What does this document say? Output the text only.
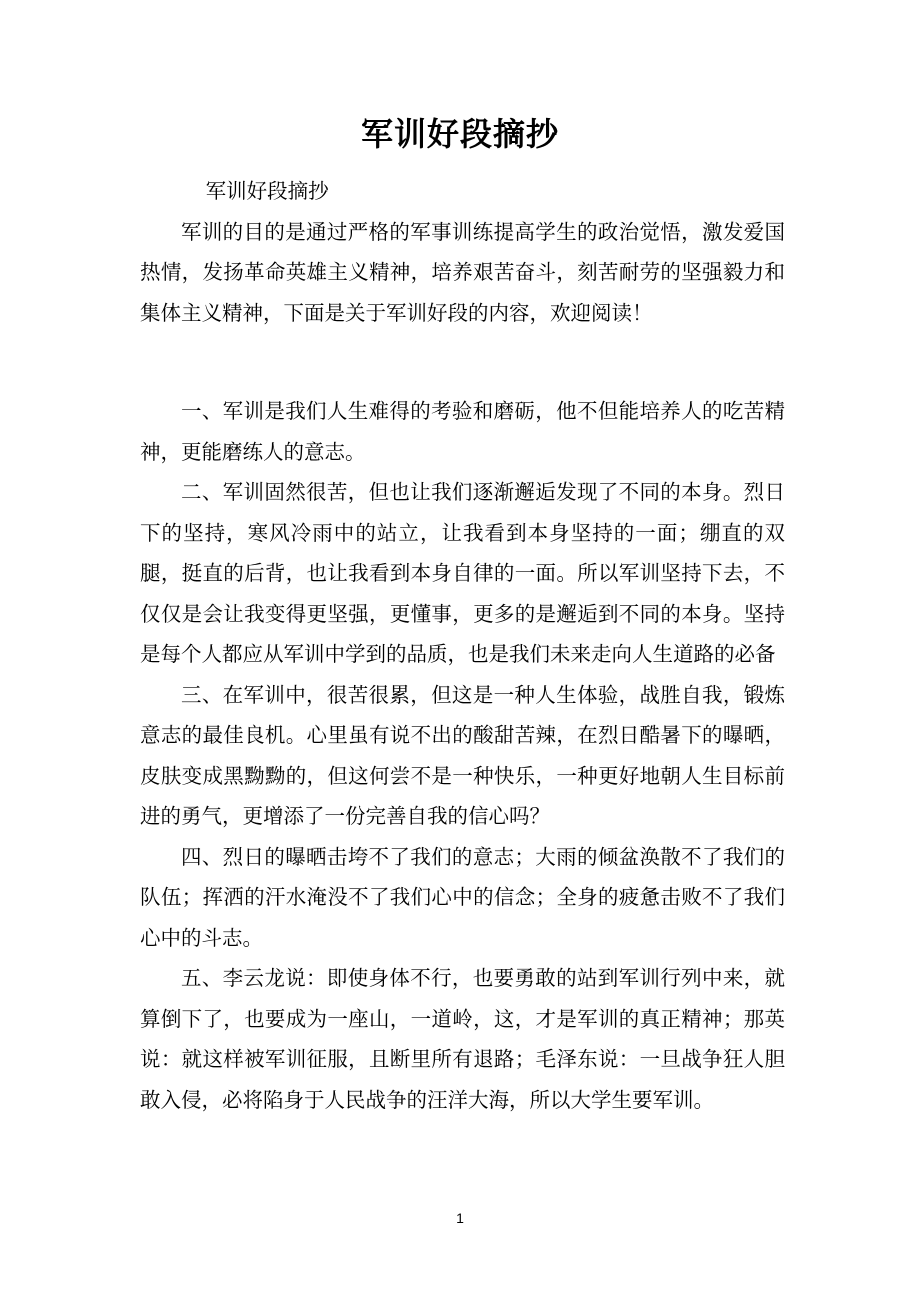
军训好段摘抄

军训好段摘抄

军训的目的是通过严格的军事训练提高学生的政治觉悟，激发爱国热情，发扬革命英雄主义精神，培养艰苦奋斗，刻苦耐劳的坚强毅力和集体主义精神，下面是关于军训好段的内容，欢迎阅读！

一、军训是我们人生难得的考验和磨砺，他不但能培养人的吃苦精神，更能磨练人的意志。

二、军训固然很苦，但也让我们逐渐邂逅发现了不同的本身。烈日下的坚持，寒风冷雨中的站立，让我看到本身坚持的一面；绷直的双腿，挺直的后背，也让我看到本身自律的一面。所以军训坚持下去，不仅仅是会让我变得更坚强，更懂事，更多的是邂逅到不同的本身。坚持是每个人都应从军训中学到的品质，也是我们未来走向人生道路的必备

三、在军训中，很苦很累，但这是一种人生体验，战胜自我，锻炼意志的最佳良机。心里虽有说不出的酸甜苦辣，在烈日酷暑下的曝晒，皮肤变成黑黝黝的，但这何尝不是一种快乐，一种更好地朝人生目标前进的勇气，更增添了一份完善自我的信心吗？

四、烈日的曝晒击垮不了我们的意志；大雨的倾盆涣散不了我们的队伍；挥洒的汗水淹没不了我们心中的信念；全身的疲惫击败不了我们心中的斗志。

五、李云龙说：即使身体不行，也要勇敢的站到军训行列中来，就算倒下了，也要成为一座山，一道岭，这，才是军训的真正精神；那英说：就这样被军训征服，且断里所有退路；毛泽东说：一旦战争狂人胆敢入侵，必将陷身于人民战争的汪洋大海，所以大学生要军训。

1
